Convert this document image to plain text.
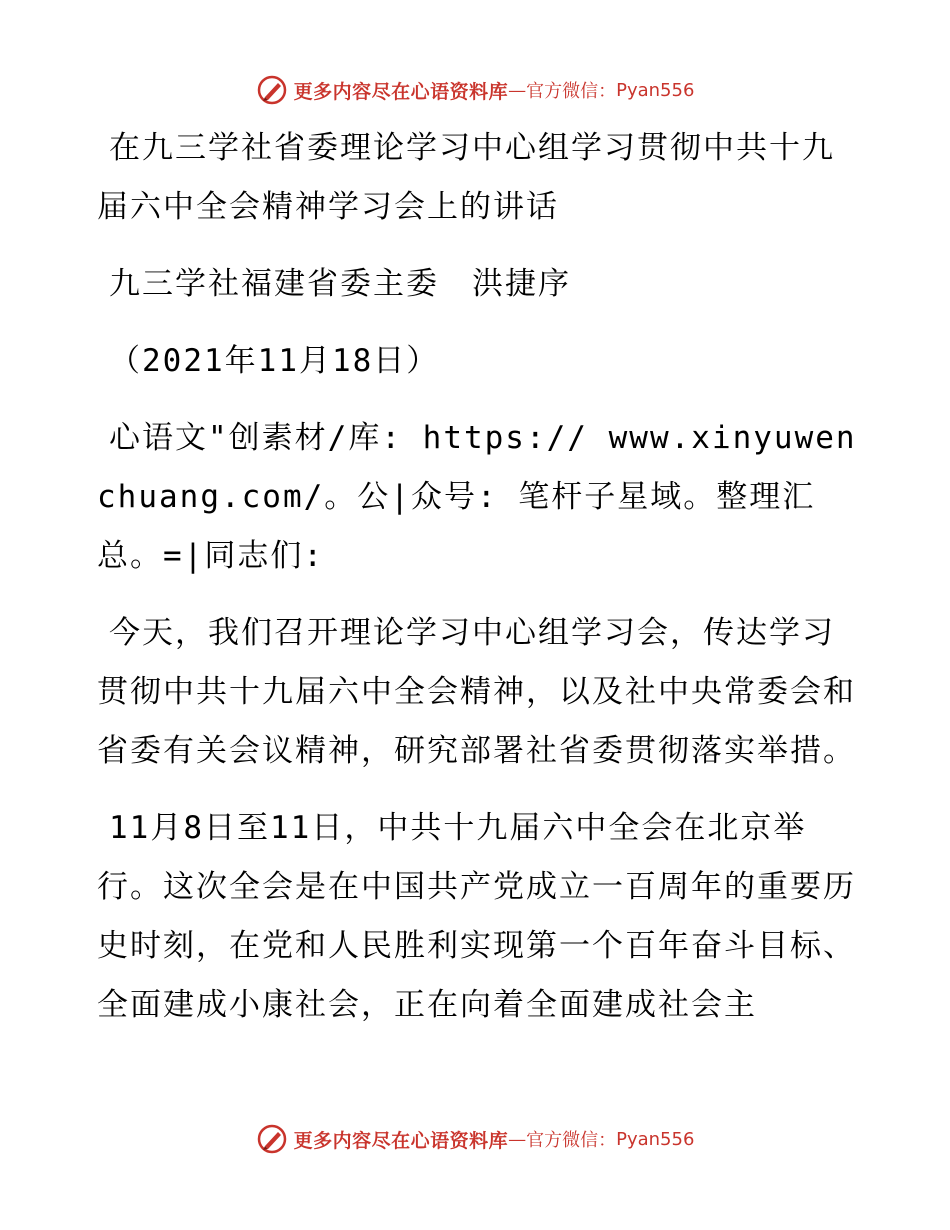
更多内容尽在心语资料库 — 官方微信： Pyan556

在九三学社省委理论学习中心组学习贯彻中共十九届六中全会精神学习会上的讲话

九三学社福建省委主委　洪捷序

（2021年11月18日）

心语文"创素材/库: https:// www.xinyuwenchuang.com/。公|众号: 笔杆子星域。整理汇总。=|同志们:

今天，我们召开理论学习中心组学习会，传达学习贯彻中共十九届六中全会精神，以及社中央常委会和省委有关会议精神，研究部署社省委贯彻落实举措。

11月8日至11日，中共十九届六中全会在北京举行。这次全会是在中国共产党成立一百周年的重要历史时刻，在党和人民胜利实现第一个百年奋斗目标、全面建成小康社会，正在向着全面建成社会主

更多内容尽在心语资料库 — 官方微信： Pyan556
